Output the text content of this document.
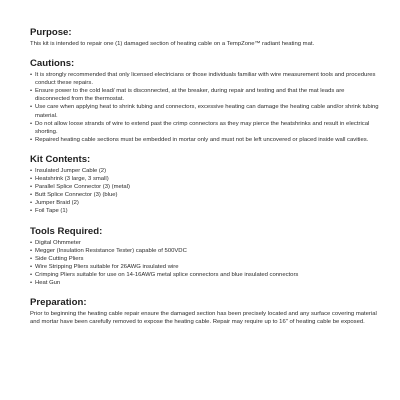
Purpose:

This kit is intended to repair one (1) damaged section of heating cable on a TempZone™ radiant heating mat.

Cautions:
• It is strongly recommended that only licensed electricians or those individuals familiar with wire measurement tools and procedures conduct these repairs.
• Ensure power to the cold lead/ mat is disconnected, at the breaker, during repair and testing and that the mat leads are disconnected from the thermostat.
• Use care when applying heat to shrink tubing and connectors, excessive heating can damage the heating cable and/or shrink tubing material.
• Do not allow loose strands of wire to extend past the crimp connectors as they may pierce the heatshrinks and result in electrical shorting.
• Repaired heating cable sections must be embedded in mortar only and must not be left uncovered or placed inside wall cavities.
Kit Contents:
• Insulated Jumper Cable (2)
• Heatshrink (3 large, 3 small)
• Parallel Splice Connector (3) (metal)
• Butt Splice Connector (3) (blue)
• Jumper Braid (2)
• Foil Tape (1)
Tools Required:
• Digital Ohmmeter
• Megger (Insulation Resistance Tester) capable of 500VDC
• Side Cutting Pliers
• Wire Stripping Pliers suitable for 26AWG insulated wire
• Crimping Pliers suitable for use on 14-16AWG metal splice connectors and blue insulated connectors
• Heat Gun
Preparation:

Prior to beginning the heating cable repair ensure the damaged section has been precisely located and any surface covering material and mortar have been carefully removed to expose the heating cable. Repair may require up to 16" of heating cable be exposed.
